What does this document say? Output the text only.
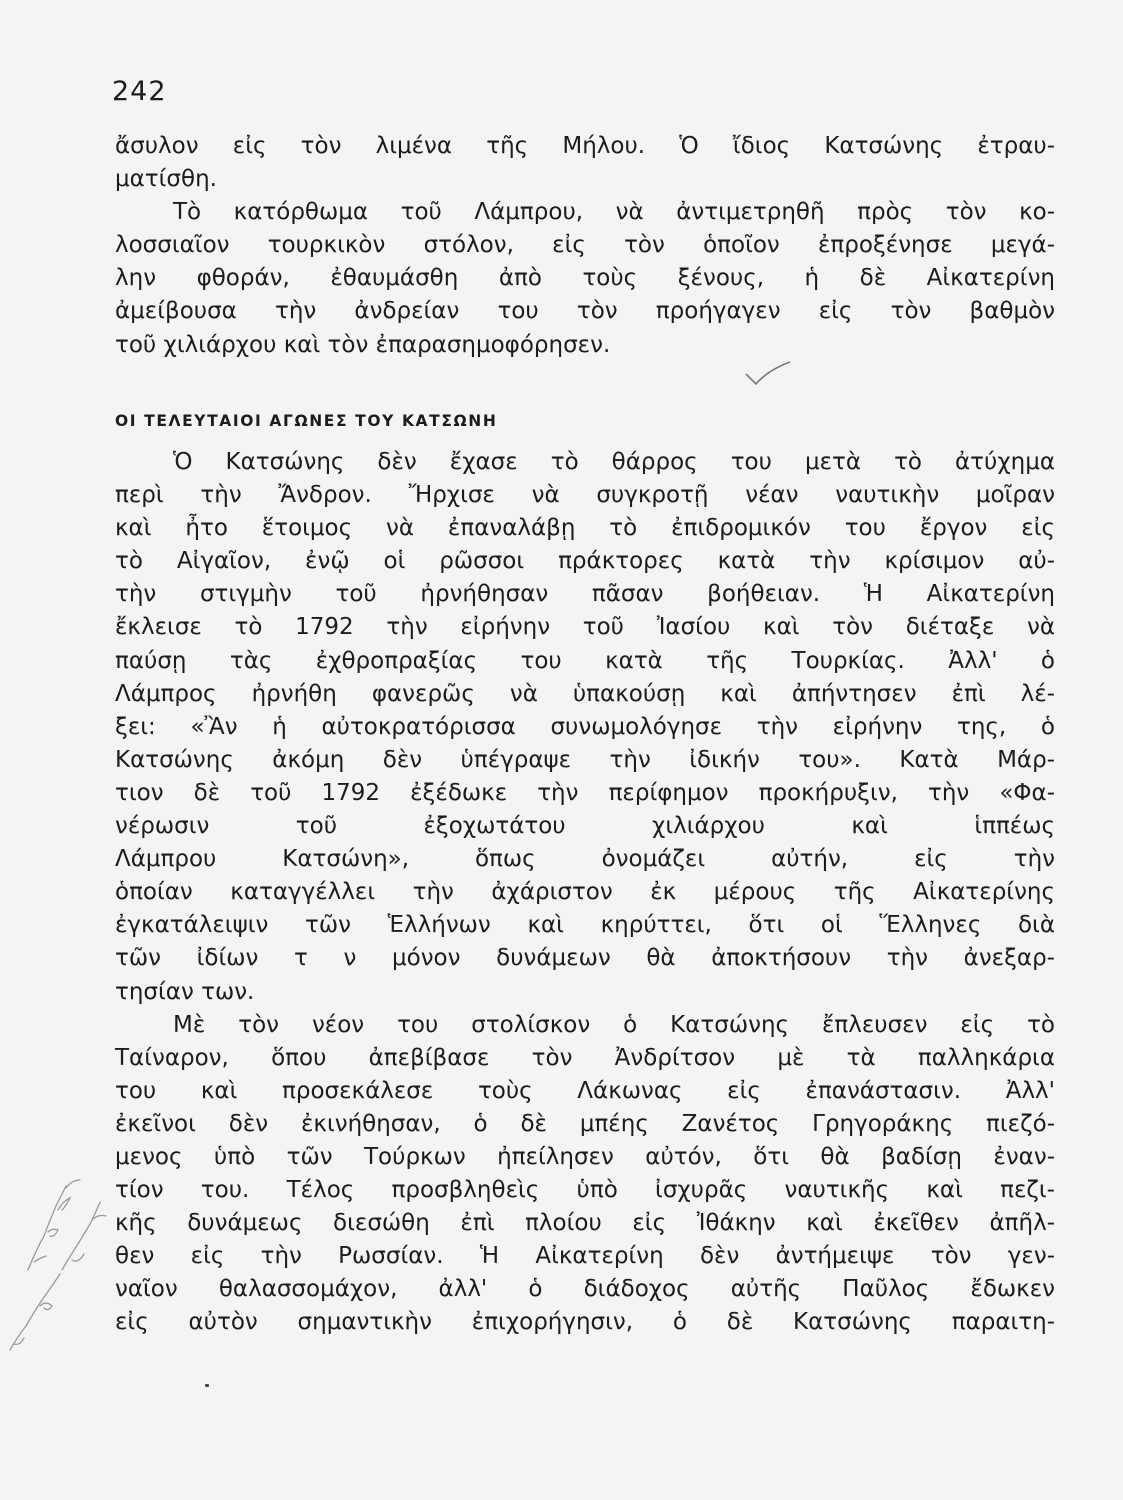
242
ἄσυλον εἰς τὸν λιμένα τῆς Μήλου. Ὁ ἴδιος Κατσώνης ἐτραυ-
ματίσθη.
Τὸ κατόρθωμα τοῦ Λάμπρου, νὰ ἀντιμετρηθῆ πρὸς τὸν κο-
λοσσιαῖον τουρκικὸν στόλον, εἰς τὸν ὁποῖον ἐπροξένησε μεγά-
λην φθοράν, ἐθαυμάσθη ἀπὸ τοὺς ξένους, ἡ δὲ Αἰκατερίνη
ἀμείβουσα τὴν ἀνδρείαν του τὸν προήγαγεν εἰς τὸν βαθμὸν
τοῦ χιλιάρχου καὶ τὸν ἐπαρασημοφόρησεν.
ΟΙ ΤΕΛΕΥΤΑΙΟΙ ΑΓΩΝΕΣ ΤΟΥ ΚΑΤΣΩΝΗ
Ὁ Κατσώνης δὲν ἔχασε τὸ θάρρος του μετὰ τὸ ἀτύχημα
περὶ τὴν Ἄνδρον. Ἤρχισε νὰ συγκροτῇ νέαν ναυτικὴν μοῖραν
καὶ ἦτο ἕτοιμος νὰ ἐπαναλάβῃ τὸ ἐπιδρομικόν του ἔργον εἰς
τὸ Αἰγαῖον, ἐνῷ οἱ ρῶσσοι πράκτορες κατὰ τὴν κρίσιμον αὐ-
τὴν στιγμὴν τοῦ ἠρνήθησαν πᾶσαν βοήθειαν. Ἡ Αἰκατερίνη
ἔκλεισε τὸ 1792 τὴν εἰρήνην τοῦ Ἰασίου καὶ τὸν διέταξε νὰ
παύσῃ τὰς ἐχθροπραξίας του κατὰ τῆς Τουρκίας. Ἀλλ' ὁ
Λάμπρος ἠρνήθη φανερῶς νὰ ὑπακούσῃ καὶ ἀπήντησεν ἐπὶ λέ-
ξει: «Ἂν ἡ αὐτοκρατόρισσα συνωμολόγησε τὴν εἰρήνην της, ὁ
Κατσώνης ἀκόμη δὲν ὑπέγραψε τὴν ἰδικήν του». Κατὰ Μάρ-
τιον δὲ τοῦ 1792 ἐξέδωκε τὴν περίφημον προκήρυξιν, τὴν «Φα-
νέρωσιν τοῦ ἐξοχωτάτου χιλιάρχου καὶ ἱππέως
Λάμπρου Κατσώνη», ὅπως ὀνομάζει αὐτήν, εἰς τὴν
ὁποίαν καταγγέλλει τὴν ἀχάριστον ἐκ μέρους τῆς Αἰκατερίνης
ἐγκατάλειψιν τῶν Ἑλλήνων καὶ κηρύττει, ὅτι οἱ Ἕλληνες διὰ
τῶν ἰδίων τ ν μόνον δυνάμεων θὰ ἀποκτήσουν τὴν ἀνεξαρ-
τησίαν των.
Μὲ τὸν νέον του στολίσκον ὁ Κατσώνης ἔπλευσεν εἰς τὸ
Ταίναρον, ὅπου ἀπεβίβασε τὸν Ἀνδρίτσον μὲ τὰ παλληκάρια
του καὶ προσεκάλεσε τοὺς Λάκωνας εἰς ἐπανάστασιν. Ἀλλ'
ἐκεῖνοι δὲν ἐκινήθησαν, ὁ δὲ μπέης Ζανέτος Γρηγοράκης πιεζό-
μενος ὑπὸ τῶν Τούρκων ἠπείλησεν αὐτόν, ὅτι θὰ βαδίσῃ ἐναν-
τίον του. Τέλος προσβληθεὶς ὑπὸ ἰσχυρᾶς ναυτικῆς καὶ πεζι-
κῆς δυνάμεως διεσώθη ἐπὶ πλοίου εἰς Ἰθάκην καὶ ἐκεῖθεν ἀπῆλ-
θεν εἰς τὴν Ρωσσίαν. Ἡ Αἰκατερίνη δὲν ἀντήμειψε τὸν γεν-
ναῖον θαλασσομάχον, ἀλλ' ὁ διάδοχος αὐτῆς Παῦλος ἔδωκεν
εἰς αὐτὸν σημαντικὴν ἐπιχορήγησιν, ὁ δὲ Κατσώνης παραιτη-
